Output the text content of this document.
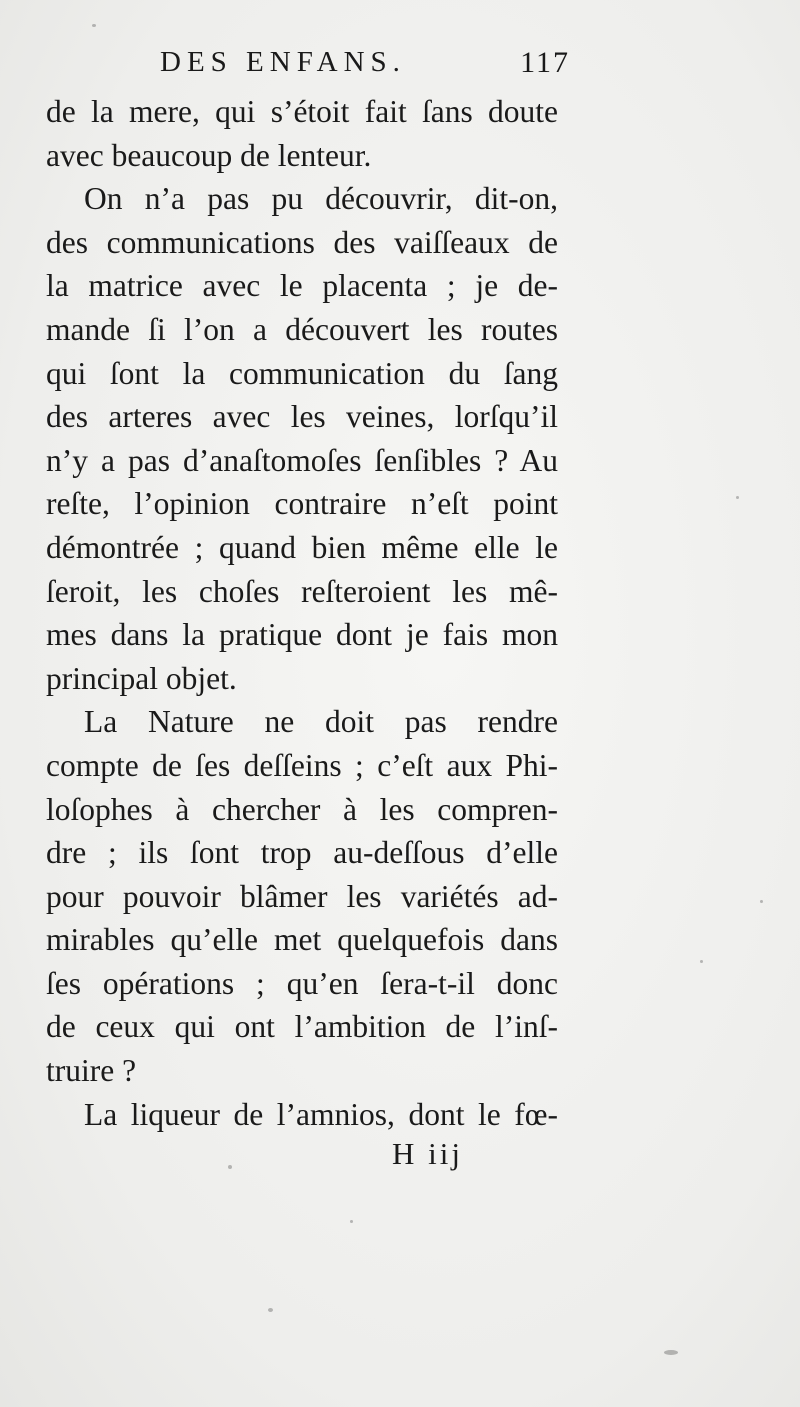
DES ENFANS.	117
de la mere, qui s’étoit fait ſans doute
avec beaucoup de lenteur.
On n’a pas pu découvrir, dit-on,
des communications des vaiſſeaux de
la matrice avec le placenta ; je de-
mande ſi l’on a découvert les routes
qui ſont la communication du ſang
des arteres avec les veines, lorſqu’il
n’y a pas d’anaſtomoſes ſenſibles ? Au
reſte, l’opinion contraire n’eſt point
démontrée ; quand bien même elle le
ſeroit, les choſes reſteroient les mê-
mes dans la pratique dont je fais mon
principal objet.
La Nature ne doit pas rendre
compte de ſes deſſeins ; c’eſt aux Phi-
loſophes à chercher à les compren-
dre ; ils ſont trop au-deſſous d’elle
pour pouvoir blâmer les variétés ad-
mirables qu’elle met quelquefois dans
ſes opérations ; qu’en ſera-t-il donc
de ceux qui ont l’ambition de l’inſ-
truire ?
La liqueur de l’amnios, dont le fœ-
H iij
